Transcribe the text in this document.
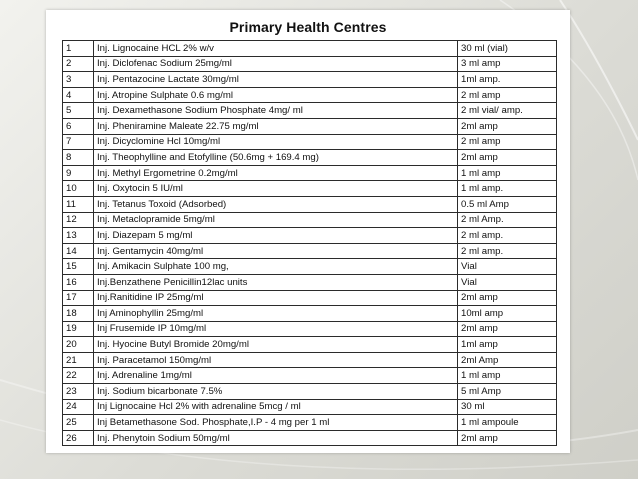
Primary Health Centres
1	Inj. Lignocaine HCL 2% w/v	30 ml (vial)
2	Inj. Diclofenac Sodium 25mg/ml	3 ml amp
3	Inj. Pentazocine Lactate 30mg/ml	1ml amp.
4	Inj. Atropine Sulphate 0.6 mg/ml	2 ml amp
5	Inj. Dexamethasone Sodium Phosphate 4mg/ ml	2 ml vial/ amp.
6	Inj. Pheniramine Maleate 22.75 mg/ml	2ml amp
7	Inj. Dicyclomine Hcl 10mg/ml	2 ml amp
8	Inj. Theophylline and Etofylline (50.6mg + 169.4 mg)	2ml amp
9	Inj. Methyl Ergometrine 0.2mg/ml	1 ml amp
10	Inj. Oxytocin 5 IU/ml	1 ml amp.
11	Inj. Tetanus Toxoid (Adsorbed)	0.5 ml Amp
12	Inj. Metaclopramide 5mg/ml	2 ml Amp.
13	Inj. Diazepam 5 mg/ml	2 ml amp.
14	Inj. Gentamycin 40mg/ml	2 ml amp.
15	Inj. Amikacin Sulphate 100 mg,	Vial
16	Inj.Benzathene Penicillin12lac units	Vial
17	Inj.Ranitidine IP 25mg/ml	2ml amp
18	Inj Aminophyllin 25mg/ml	10ml amp
19	Inj Frusemide IP 10mg/ml	2ml amp
20	Inj. Hyocine Butyl Bromide 20mg/ml	1ml amp
21	Inj. Paracetamol 150mg/ml	2ml Amp
22	Inj. Adrenaline 1mg/ml	1 ml amp
23	Inj. Sodium bicarbonate 7.5%	5 ml Amp
24	Inj Lignocaine Hcl 2% with adrenaline 5mcg / ml	30 ml
25	Inj Betamethasone Sod. Phosphate,I.P - 4 mg per 1 ml	1 ml ampoule
26	Inj. Phenytoin Sodium 50mg/ml	2ml amp
